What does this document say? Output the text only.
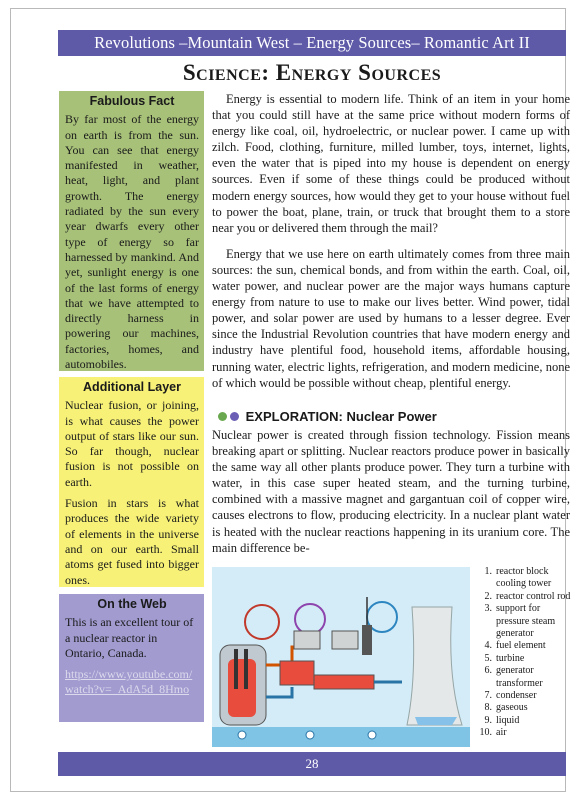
Revolutions –Mountain West – Energy Sources– Romantic Art II
Science: Energy Sources
Fabulous Fact

By far most of the energy on earth is from the sun. You can see that energy manifested in weather, heat, light, and plant growth. The energy radiated by the sun every year dwarfs every other type of energy so far harnessed by mankind. And yet, sunlight energy is one of the last forms of energy that we have attempted to directly harness in powering our machines, factories, homes, and automobiles.

Additional Layer

Nuclear fusion, or joining, is what causes the power output of stars like our sun. So far though, nuclear fusion is not possible on earth.

Fusion in stars is what produces the wide variety of elements in the universe and on our earth. Small atoms get fused into bigger ones.

On the Web

This is an excellent tour of a nuclear reactor in Ontario, Canada.

https://www.youtube.com/watch?v=_AdA5d_8Hmo

Energy is essential to modern life. Think of an item in your home that you could still have at the same price without modern forms of energy like coal, oil, hydroelectric, or nuclear power. I came up with zilch. Food, clothing, furniture, milled lumber, toys, internet, lights, even the water that is piped into my house is dependent on energy sources. Even if some of these things could be produced without modern energy sources, how would they get to your house without fuel to power the boat, plane, train, or truck that brought them to a store near you or delivered them through the mail?

Energy that we use here on earth ultimately comes from three main sources: the sun, chemical bonds, and from within the earth. Coal, oil, water power, and nuclear power are the major ways humans capture energy from nature to use to make our lives better. Wind power, tidal power, and solar power are used by humans to a lesser degree. Ever since the Industrial Revolution countries that have modern energy and industry have plentiful food, household items, affordable housing, running water, electric lights, refrigeration, and modern medicine, none of which would be possible without cheap, plentiful energy.

EXPLORATION: Nuclear Power

Nuclear power is created through fission technology. Fission means breaking apart or splitting. Nuclear reactors produce power in basically the same way all other plants produce power. They turn a turbine with water, in this case super heated steam, and the turning turbine, combined with a massive magnet and gargantuan coil of copper wire, causes electrons to flow, producing electricity. In a nuclear plant water is heated with the nuclear reactions happening in its uranium core. The main difference be-

1. reactor block cooling tower
2. reactor control rod
3. support for pressure steam generator
4. fuel element
5. turbine
6. generator transformer
7. condenser
8. gaseous
9. liquid
10. air
28
